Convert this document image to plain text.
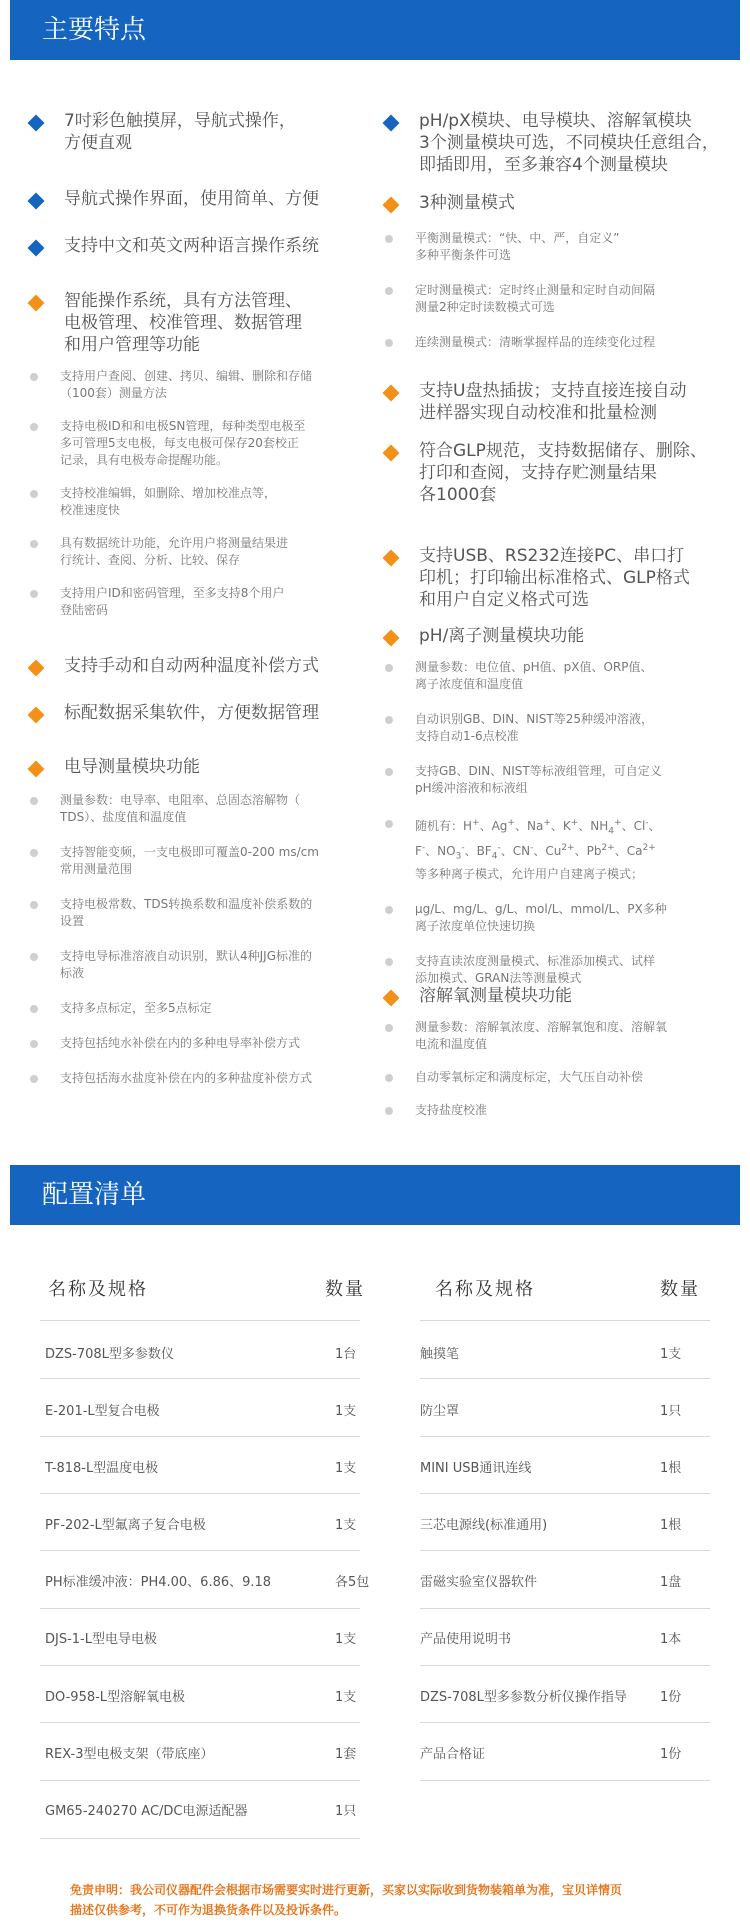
主要特点
7吋彩色触摸屏，导航式操作，
方便直观
导航式操作界面，使用简单、方便
支持中文和英文两种语言操作系统
智能操作系统，具有方法管理、
电极管理、校准管理、数据管理
和用户管理等功能
支持用户查阅、创建、拷贝、编辑、删除和存储
（100套）测量方法
支持电极ID和和电极SN管理，每种类型电极至
多可管理5支电极，每支电极可保存20套校正
记录，具有电极寿命提醒功能。
支持校准编辑，如删除、增加校准点等，
校准速度快
具有数据统计功能，允许用户将测量结果进
行统计、查阅、分析、比较、保存
支持用户ID和密码管理，至多支持8个用户
登陆密码
支持手动和自动两种温度补偿方式
标配数据采集软件，方便数据管理
电导测量模块功能
测量参数：电导率、电阻率、总固态溶解物（
TDS）、盐度值和温度值
支持智能变频，一支电极即可覆盖0-200 ms/cm
常用测量范围
支持电极常数、TDS转换系数和温度补偿系数的
设置
支持电导标准溶液自动识别，默认4种JJG标准的
标液
支持多点标定，至多5点标定
支持包括纯水补偿在内的多种电导率补偿方式
支持包括海水盐度补偿在内的多种盐度补偿方式
pH/pX模块、电导模块、溶解氧模块
3个测量模块可选，不同模块任意组合，
即插即用，至多兼容4个测量模块
3种测量模式
平衡测量模式：“快、中、严，自定义”
多种平衡条件可选
定时测量模式：定时终止测量和定时自动间隔
测量2种定时读数模式可选
连续测量模式：清晰掌握样品的连续变化过程
支持U盘热插拔；支持直接连接自动
进样器实现自动校准和批量检测
符合GLP规范，支持数据储存、删除、
打印和查阅，支持存贮测量结果
各1000套
支持USB、RS232连接PC、串口打
印机；打印输出标准格式、GLP格式
和用户自定义格式可选
pH/离子测量模块功能
测量参数：电位值、pH值、pX值、ORP值、
离子浓度值和温度值
自动识别GB、DIN、NIST等25种缓冲溶液，
支持自动1-6点校准
支持GB、DIN、NIST等标液组管理，可自定义
pH缓冲溶液和标液组
随机有：H+、Ag+、Na+、K+、$NH_4^+$、Cl-、
F-、$NO_3^-$、$BF_4^-$、CN-、$Cu^{2+}$、$Pb^{2+}$、$Ca^{2+}$
等多种离子模式，允许用户自建离子模式；
μg/L、mg/L、g/L、mol/L、mmol/L、PX多种
离子浓度单位快速切换
支持直读浓度测量模式、标准添加模式、试样
添加模式、GRAN法等测量模式
溶解氧测量模块功能
测量参数：溶解氧浓度、溶解氧饱和度、溶解氧
电流和温度值
自动零氧标定和满度标定，大气压自动补偿
支持盐度校准
配置清单
名称及规格	数量	名称及规格	数量
DZS-708L型多参数仪	1台	触摸笔	1支
E-201-L型复合电极	1支	防尘罩	1只
T-818-L型温度电极	1支	MINI USB通讯连线	1根
PF-202-L型氟离子复合电极	1支	三芯电源线(标准通用)	1根
PH标准缓冲液：PH4.00、6.86、9.18	各5包	雷磁实验室仪器软件	1盘
DJS-1-L型电导电极	1支	产品使用说明书	1本
DO-958-L型溶解氧电极	1支	DZS-708L型多参数分析仪操作指导	1份
REX-3型电极支架（带底座）	1套	产品合格证	1份
GM65-240270 AC/DC电源适配器	1只
免责申明：我公司仪器配件会根据市场需要实时进行更新，买家以实际收到货物装箱单为准，宝贝详情页
描述仅供参考，不可作为退换货条件以及投诉条件。
